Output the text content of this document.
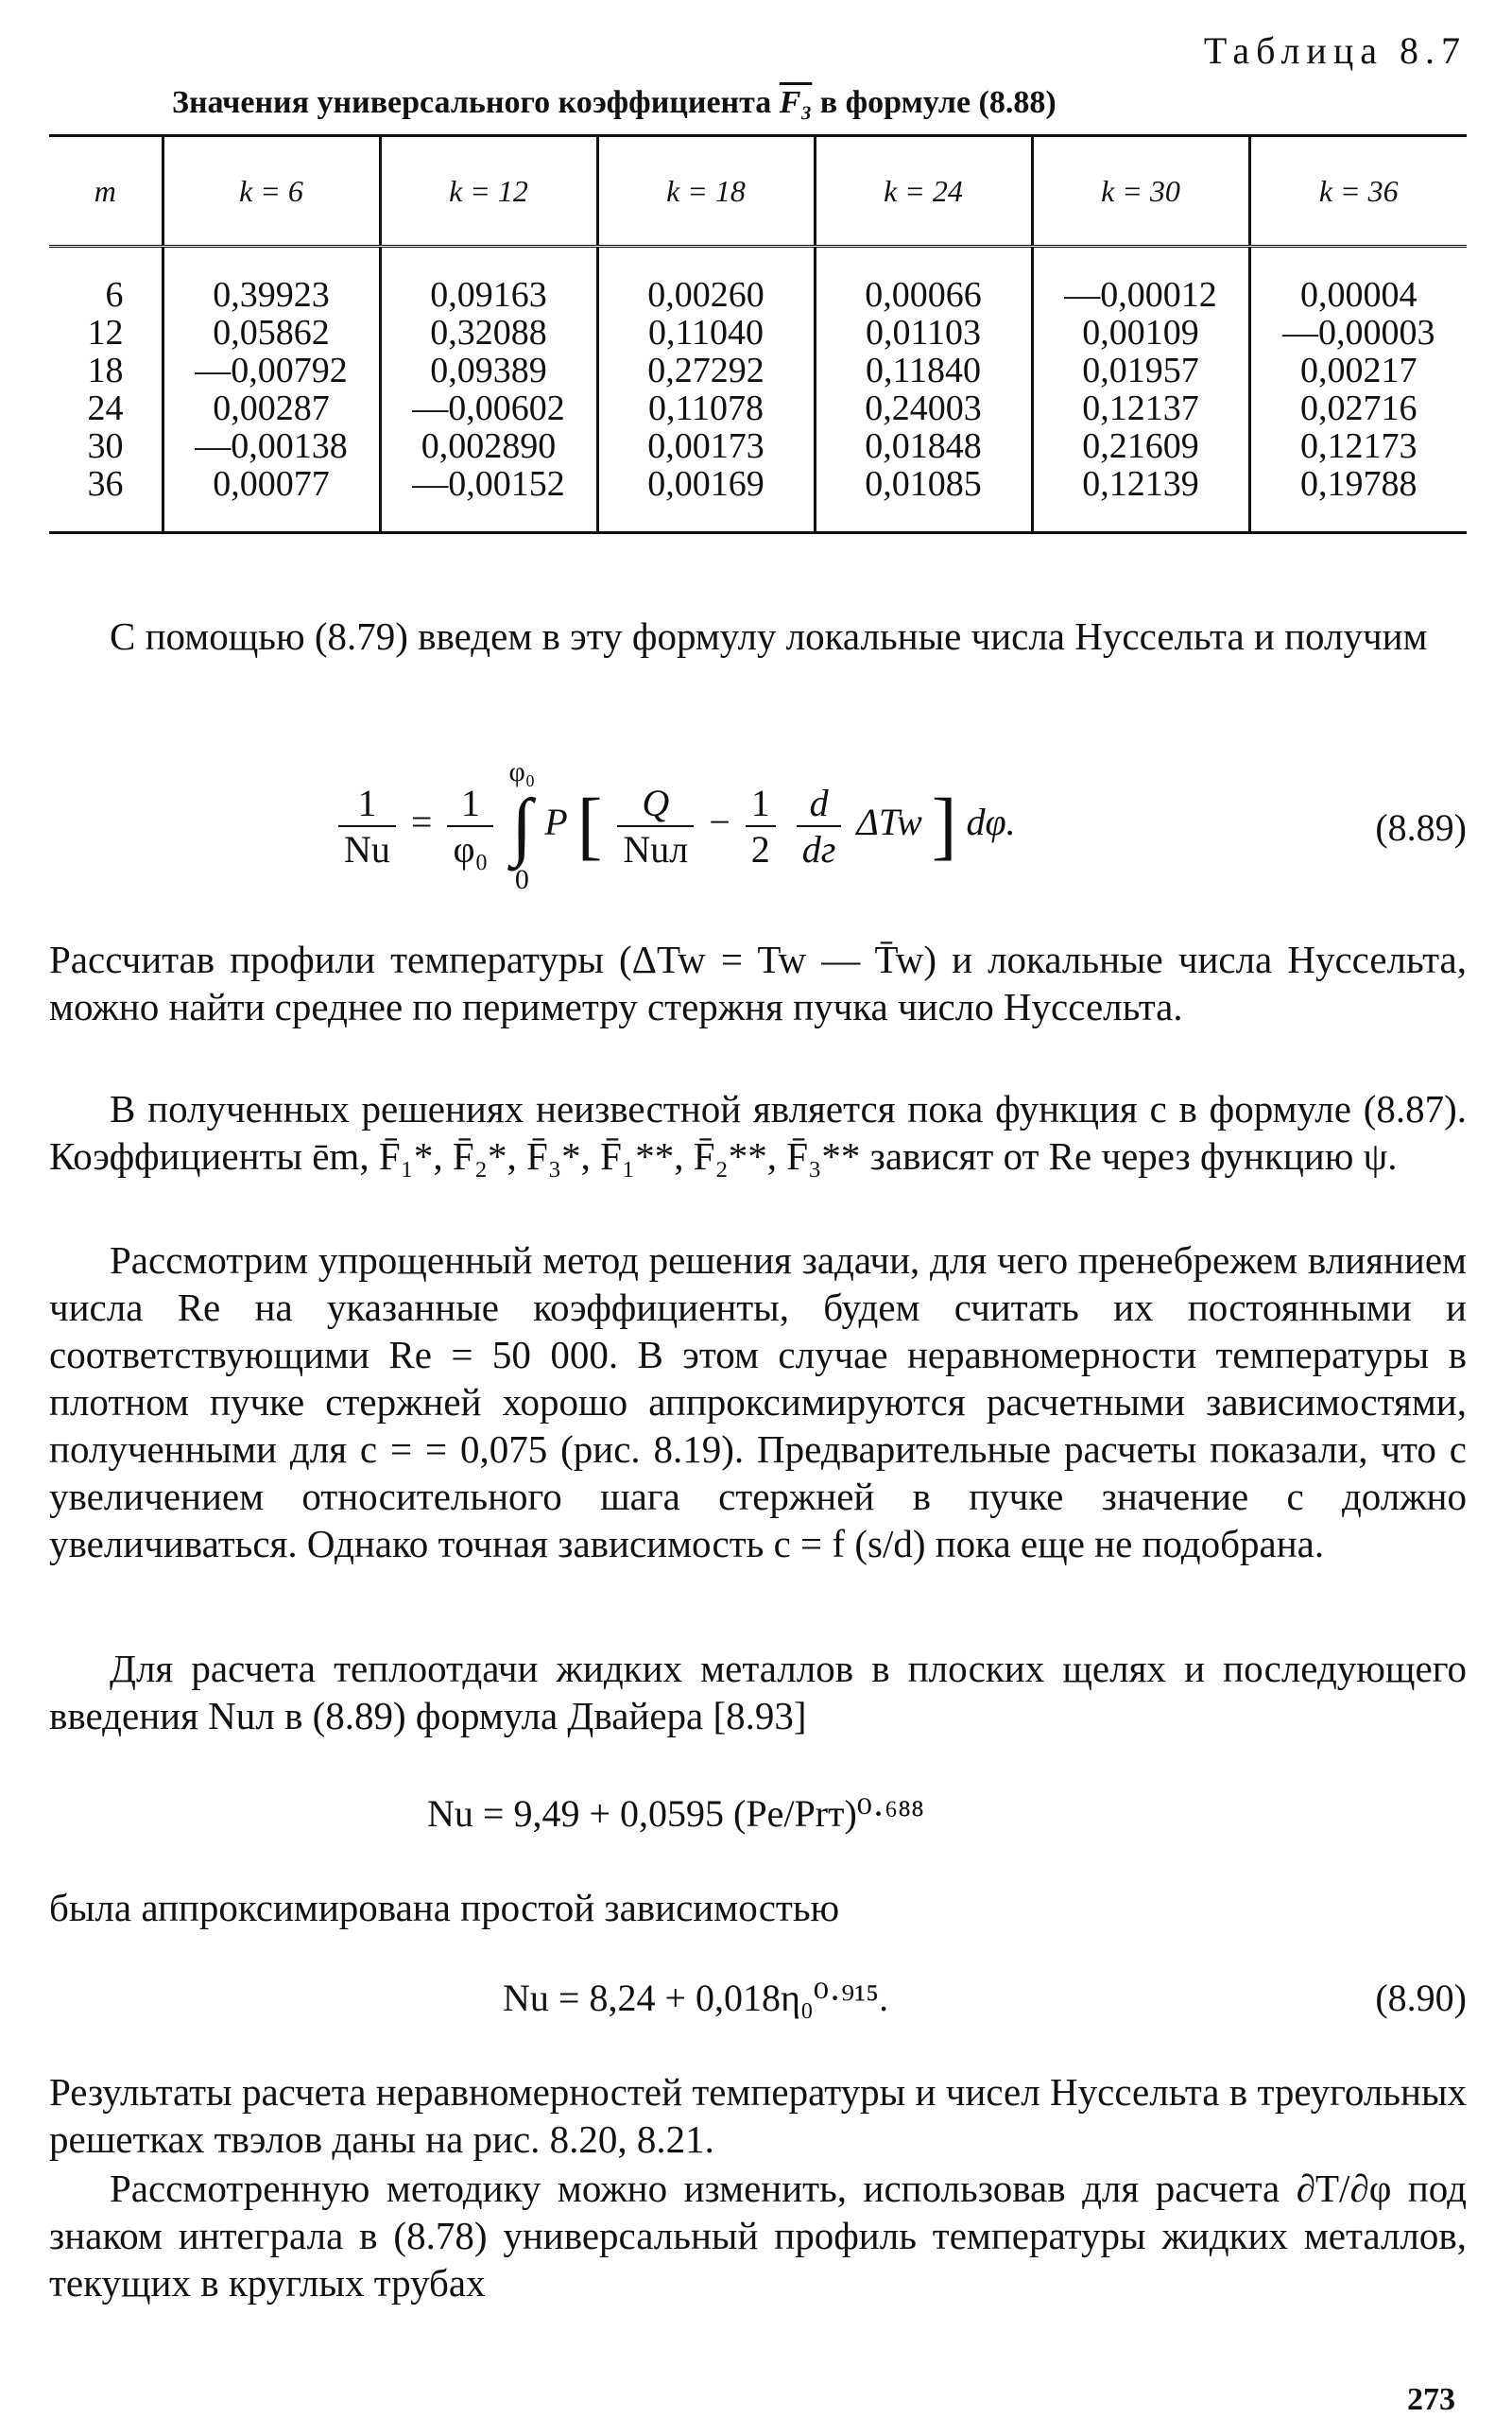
Таблица 8.7
Значения универсального коэффициента F₃ в формуле (8.88)
m	k = 6	k = 12	k = 18	k = 24	k = 30	k = 36
6	0,39923	0,09163	0,00260	0,00066	—0,00012	0,00004
12	0,05862	0,32088	0,11040	0,01103	0,00109	—0,00003
18	—0,00792	0,09389	0,27292	0,11840	0,01957	0,00217
24	0,00287	—0,00602	0,11078	0,24003	0,12137	0,02716
30	—0,00138	0,002890	0,00173	0,01848	0,21609	0,12173
36	0,00077	—0,00152	0,00169	0,01085	0,12139	0,19788

С помощью (8.79) введем в эту формулу локальные числа Нуссельта и получим

$\frac{1}{Nu} = \frac{1}{\text{φ₀}}$

φ₀
∫
0
P [ $\frac{Q}{\text{Nuл}} - \frac{1}{2}$
$\frac{d}{dг}$ ΔTw ] dφ.	(8.89)

Рассчитав профили температуры (ΔTw = Tw — T̄w) и локальные числа Нуссельта, можно найти среднее по периметру стержня пучка число Нуссельта.

В полученных решениях неизвестной является пока функция c в формуле (8.87). Коэффициенты ēm, F̄₁*, F̄₂*, F̄₃*, F̄₁**, F̄₂**, F̄₃** зависят от Re через функцию ψ.

Рассмотрим упрощенный метод решения задачи, для чего пренебрежем влиянием числа Re на указанные коэффициенты, будем считать их постоянными и соответствующими Re = 50 000. В этом случае неравномерности температуры в плотном пучке стержней хорошо аппроксимируются расчетными зависимостями, полученными для c = = 0,075 (рис. 8.19). Предварительные расчеты показали, что с увеличением относительного шага стержней в пучке значение c должно увеличиваться. Однако точная зависимость c = f (s/d) пока еще не подобрана.

Для расчета теплоотдачи жидких металлов в плоских щелях и последующего введения Nuл в (8.89) формула Двайера [8.93]

Nu = 9,49 + 0,0595 (Pe/Prт)⁰·⁶⁸⁸

была аппроксимирована простой зависимостью

Nu = 8,24 + 0,018η₀⁰·⁹¹⁵.	(8.90)

Результаты расчета неравномерностей температуры и чисел Нуссельта в треугольных решетках твэлов даны на рис. 8.20, 8.21.

Рассмотренную методику можно изменить, использовав для расчета ∂T/∂φ под знаком интеграла в (8.78) универсальный профиль температуры жидких металлов, текущих в круглых трубах

273
